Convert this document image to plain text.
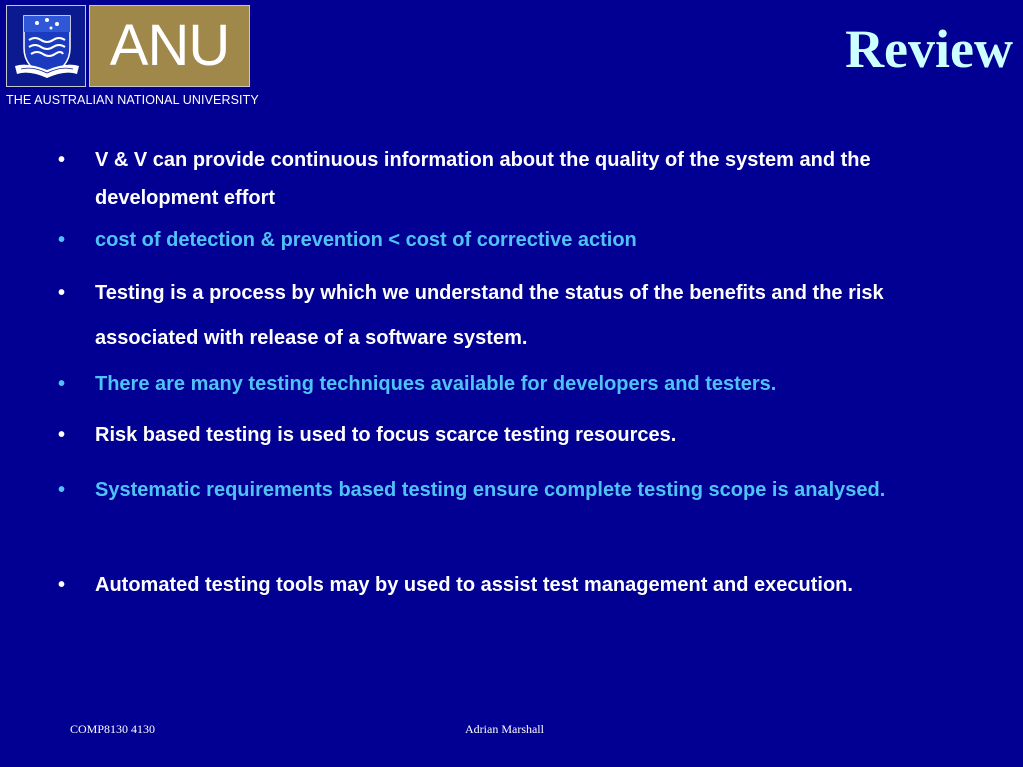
ANU
THE AUSTRALIAN NATIONAL UNIVERSITY
Review
•	V & V can provide continuous information about the quality of the system and the development effort
•	cost of detection & prevention < cost of corrective action
•	Testing is a process by which we understand the status of the benefits and the risk associated with release of a software system.
•	There are many testing techniques available for developers and testers.
•	Risk based testing is used to focus scarce testing resources.
•	Systematic requirements based testing ensure complete testing scope is analysed.
•	Automated testing tools may by used to assist test management and execution.
COMP8130 4130	Adrian Marshall
